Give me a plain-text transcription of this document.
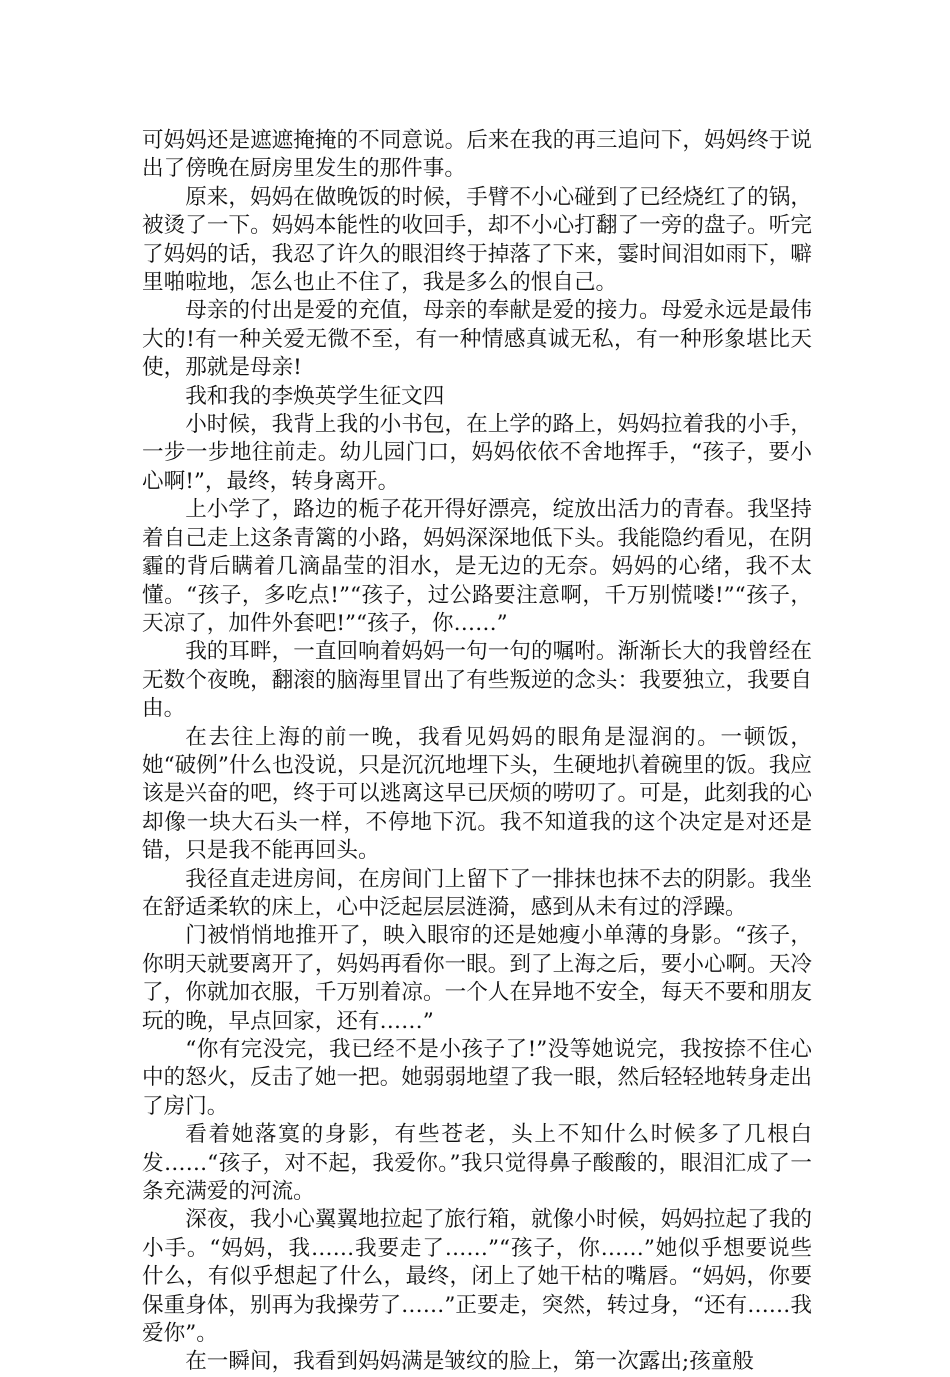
可妈妈还是遮遮掩掩的不同意说。后来在我的再三追问下，妈妈终于说出了傍晚在厨房里发生的那件事。

原来，妈妈在做晚饭的时候，手臂不小心碰到了已经烧红了的锅，被烫了一下。妈妈本能性的收回手，却不小心打翻了一旁的盘子。听完了妈妈的话，我忍了许久的眼泪终于掉落了下来，霎时间泪如雨下，噼里啪啦地，怎么也止不住了，我是多么的恨自己。

母亲的付出是爱的充值，母亲的奉献是爱的接力。母爱永远是最伟大的!有一种关爱无微不至，有一种情感真诚无私，有一种形象堪比天使，那就是母亲!

我和我的李焕英学生征文四

小时候，我背上我的小书包，在上学的路上，妈妈拉着我的小手，一步一步地往前走。幼儿园门口，妈妈依依不舍地挥手，“孩子，要小心啊!”，最终，转身离开。

上小学了，路边的栀子花开得好漂亮，绽放出活力的青春。我坚持着自己走上这条青篱的小路，妈妈深深地低下头。我能隐约看见，在阴霾的背后瞒着几滴晶莹的泪水，是无边的无奈。妈妈的心绪，我不太懂。“孩子，多吃点!”“孩子，过公路要注意啊，千万别慌喽!”“孩子，天凉了，加件外套吧!”“孩子，你……”

我的耳畔，一直回响着妈妈一句一句的嘱咐。渐渐长大的我曾经在无数个夜晚，翻滚的脑海里冒出了有些叛逆的念头：我要独立，我要自由。

在去往上海的前一晚，我看见妈妈的眼角是湿润的。一顿饭，她“破例”什么也没说，只是沉沉地埋下头，生硬地扒着碗里的饭。我应该是兴奋的吧，终于可以逃离这早已厌烦的唠叨了。可是，此刻我的心却像一块大石头一样，不停地下沉。我不知道我的这个决定是对还是错，只是我不能再回头。

我径直走进房间，在房间门上留下了一排抹也抹不去的阴影。我坐在舒适柔软的床上，心中泛起层层涟漪，感到从未有过的浮躁。

门被悄悄地推开了，映入眼帘的还是她瘦小单薄的身影。“孩子，你明天就要离开了，妈妈再看你一眼。到了上海之后，要小心啊。天冷了，你就加衣服，千万别着凉。一个人在异地不安全，每天不要和朋友玩的晚，早点回家，还有……”

“你有完没完，我已经不是小孩子了!”没等她说完，我按捺不住心中的怒火，反击了她一把。她弱弱地望了我一眼，然后轻轻地转身走出了房门。

看着她落寞的身影，有些苍老，头上不知什么时候多了几根白发……“孩子，对不起，我爱你。”我只觉得鼻子酸酸的，眼泪汇成了一条充满爱的河流。

深夜，我小心翼翼地拉起了旅行箱，就像小时候，妈妈拉起了我的小手。“妈妈，我……我要走了……”“孩子，你……”她似乎想要说些什么，有似乎想起了什么，最终，闭上了她干枯的嘴唇。“妈妈，你要保重身体，别再为我操劳了……”正要走，突然，转过身，“还有……我爱你”。

在一瞬间，我看到妈妈满是皱纹的脸上，第一次露出;孩童般
